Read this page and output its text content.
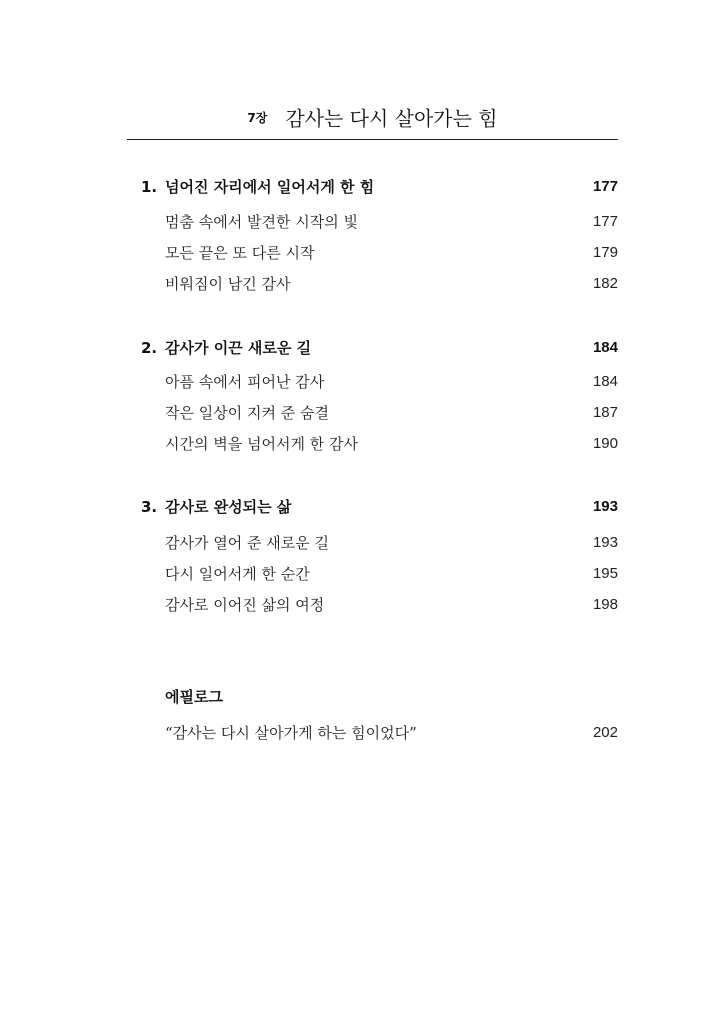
7장 감사는 다시 살아가는 힘
1. 넘어진 자리에서 일어서게 한 힘	177
멈춤 속에서 발견한 시작의 빛	177
모든 끝은 또 다른 시작	179
비워짐이 남긴 감사	182
2. 감사가 이끈 새로운 길	184
아픔 속에서 피어난 감사	184
작은 일상이 지켜 준 숨결	187
시간의 벽을 넘어서게 한 감사	190
3. 감사로 완성되는 삶	193
감사가 열어 준 새로운 길	193
다시 일어서게 한 순간	195
감사로 이어진 삶의 여정	198
에필로그
“감사는 다시 살아가게 하는 힘이었다”	202
